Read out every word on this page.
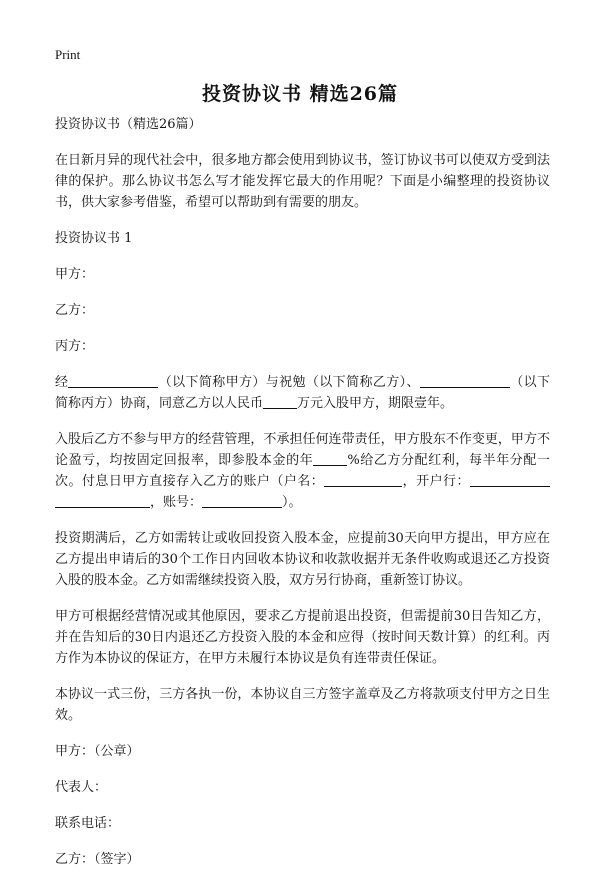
Print
投资协议书 精选26篇

投资协议书（精选26篇）

在日新月异的现代社会中，很多地方都会使用到协议书，签订协议书可以使双方受到法律的保护。那么协议书怎么写才能发挥它最大的作用呢？下面是小编整理的投资协议书，供大家参考借鉴，希望可以帮助到有需要的朋友。

投资协议书 1

甲方：

乙方：

丙方：

经	（以下简称甲方）与祝勉（以下简称乙方）、	（以下简称丙方）协商，同意乙方以人民币	万元入股甲方，期限壹年。

入股后乙方不参与甲方的经营管理，不承担任何连带责任，甲方股东不作变更，甲方不论盈亏，均按固定回报率，即参股本金的年	%给乙方分配红利，每半年分配一次。付息日甲方直接存入乙方的账户（户名：	，开户行：，账号：	）。

投资期满后，乙方如需转让或收回投资入股本金，应提前30天向甲方提出，甲方应在乙方提出申请后的30个工作日内回收本协议和收款收据并无条件收购或退还乙方投资入股的股本金。乙方如需继续投资入股，双方另行协商，重新签订协议。

甲方可根据经营情况或其他原因，要求乙方提前退出投资，但需提前30日告知乙方，并在告知后的30日内退还乙方投资入股的本金和应得（按时间天数计算）的红利。丙方作为本协议的保证方，在甲方未履行本协议是负有连带责任保证。

本协议一式三份，三方各执一份，本协议自三方签字盖章及乙方将款项支付甲方之日生效。

甲方：（公章）

代表人：

联系电话：

乙方：（签字）
